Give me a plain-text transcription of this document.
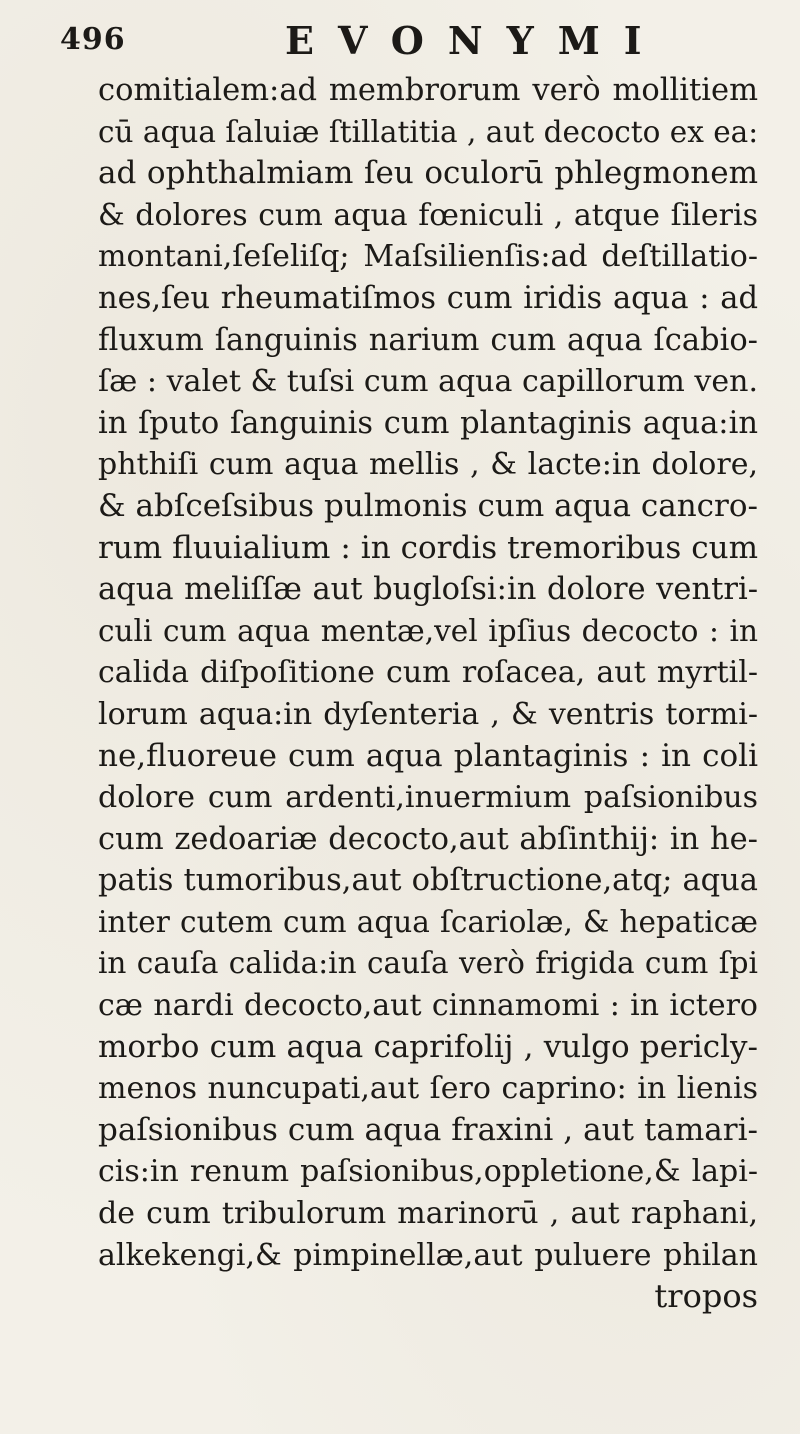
496	EVONYMI
comitialem:ad membrorum verò mollitiem
cū aqua ſaluiæ ſtillatitia , aut decocto ex ea:
ad ophthalmiam ſeu oculorū phlegmonem
& dolores cum aqua fœniculi , atque ſileris
montani,ſeſeliſq; Maſsilienſis:ad deſtillatio-
nes,ſeu rheumatiſmos cum iridis aqua : ad
fluxum ſanguinis narium cum aqua ſcabio-
ſæ : valet & tuſsi cum aqua capillorum ven.
in ſputo ſanguinis cum plantaginis aqua:in
phthiſi cum aqua mellis , & lacte:in dolore,
& abſceſsibus pulmonis cum aqua cancro-
rum fluuialium : in cordis tremoribus cum
aqua meliſſæ aut bugloſsi:in dolore ventri-
culi cum aqua mentæ,vel ipſius decocto : in
calida diſpoſitione cum roſacea, aut myrtil-
lorum aqua:in dyſenteria , & ventris tormi-
ne,fluoreue cum aqua plantaginis : in coli
dolore cum ardenti,inuermium paſsionibus
cum zedoariæ decocto,aut abſinthij: in he-
patis tumoribus,aut obſtructione,atq; aqua
inter cutem cum aqua ſcariolæ, & hepaticæ
in cauſa calida:in cauſa verò frigida cum ſpi
cæ nardi decocto,aut cinnamomi : in ictero
morbo cum aqua caprifolij , vulgo pericly-
menos nuncupati,aut ſero caprino: in lienis
paſsionibus cum aqua fraxini , aut tamari-
cis:in renum paſsionibus,oppletione,& lapi-
de cum tribulorum marinorū , aut raphani,
alkekengi,& pimpinellæ,aut puluere philan
tropos
